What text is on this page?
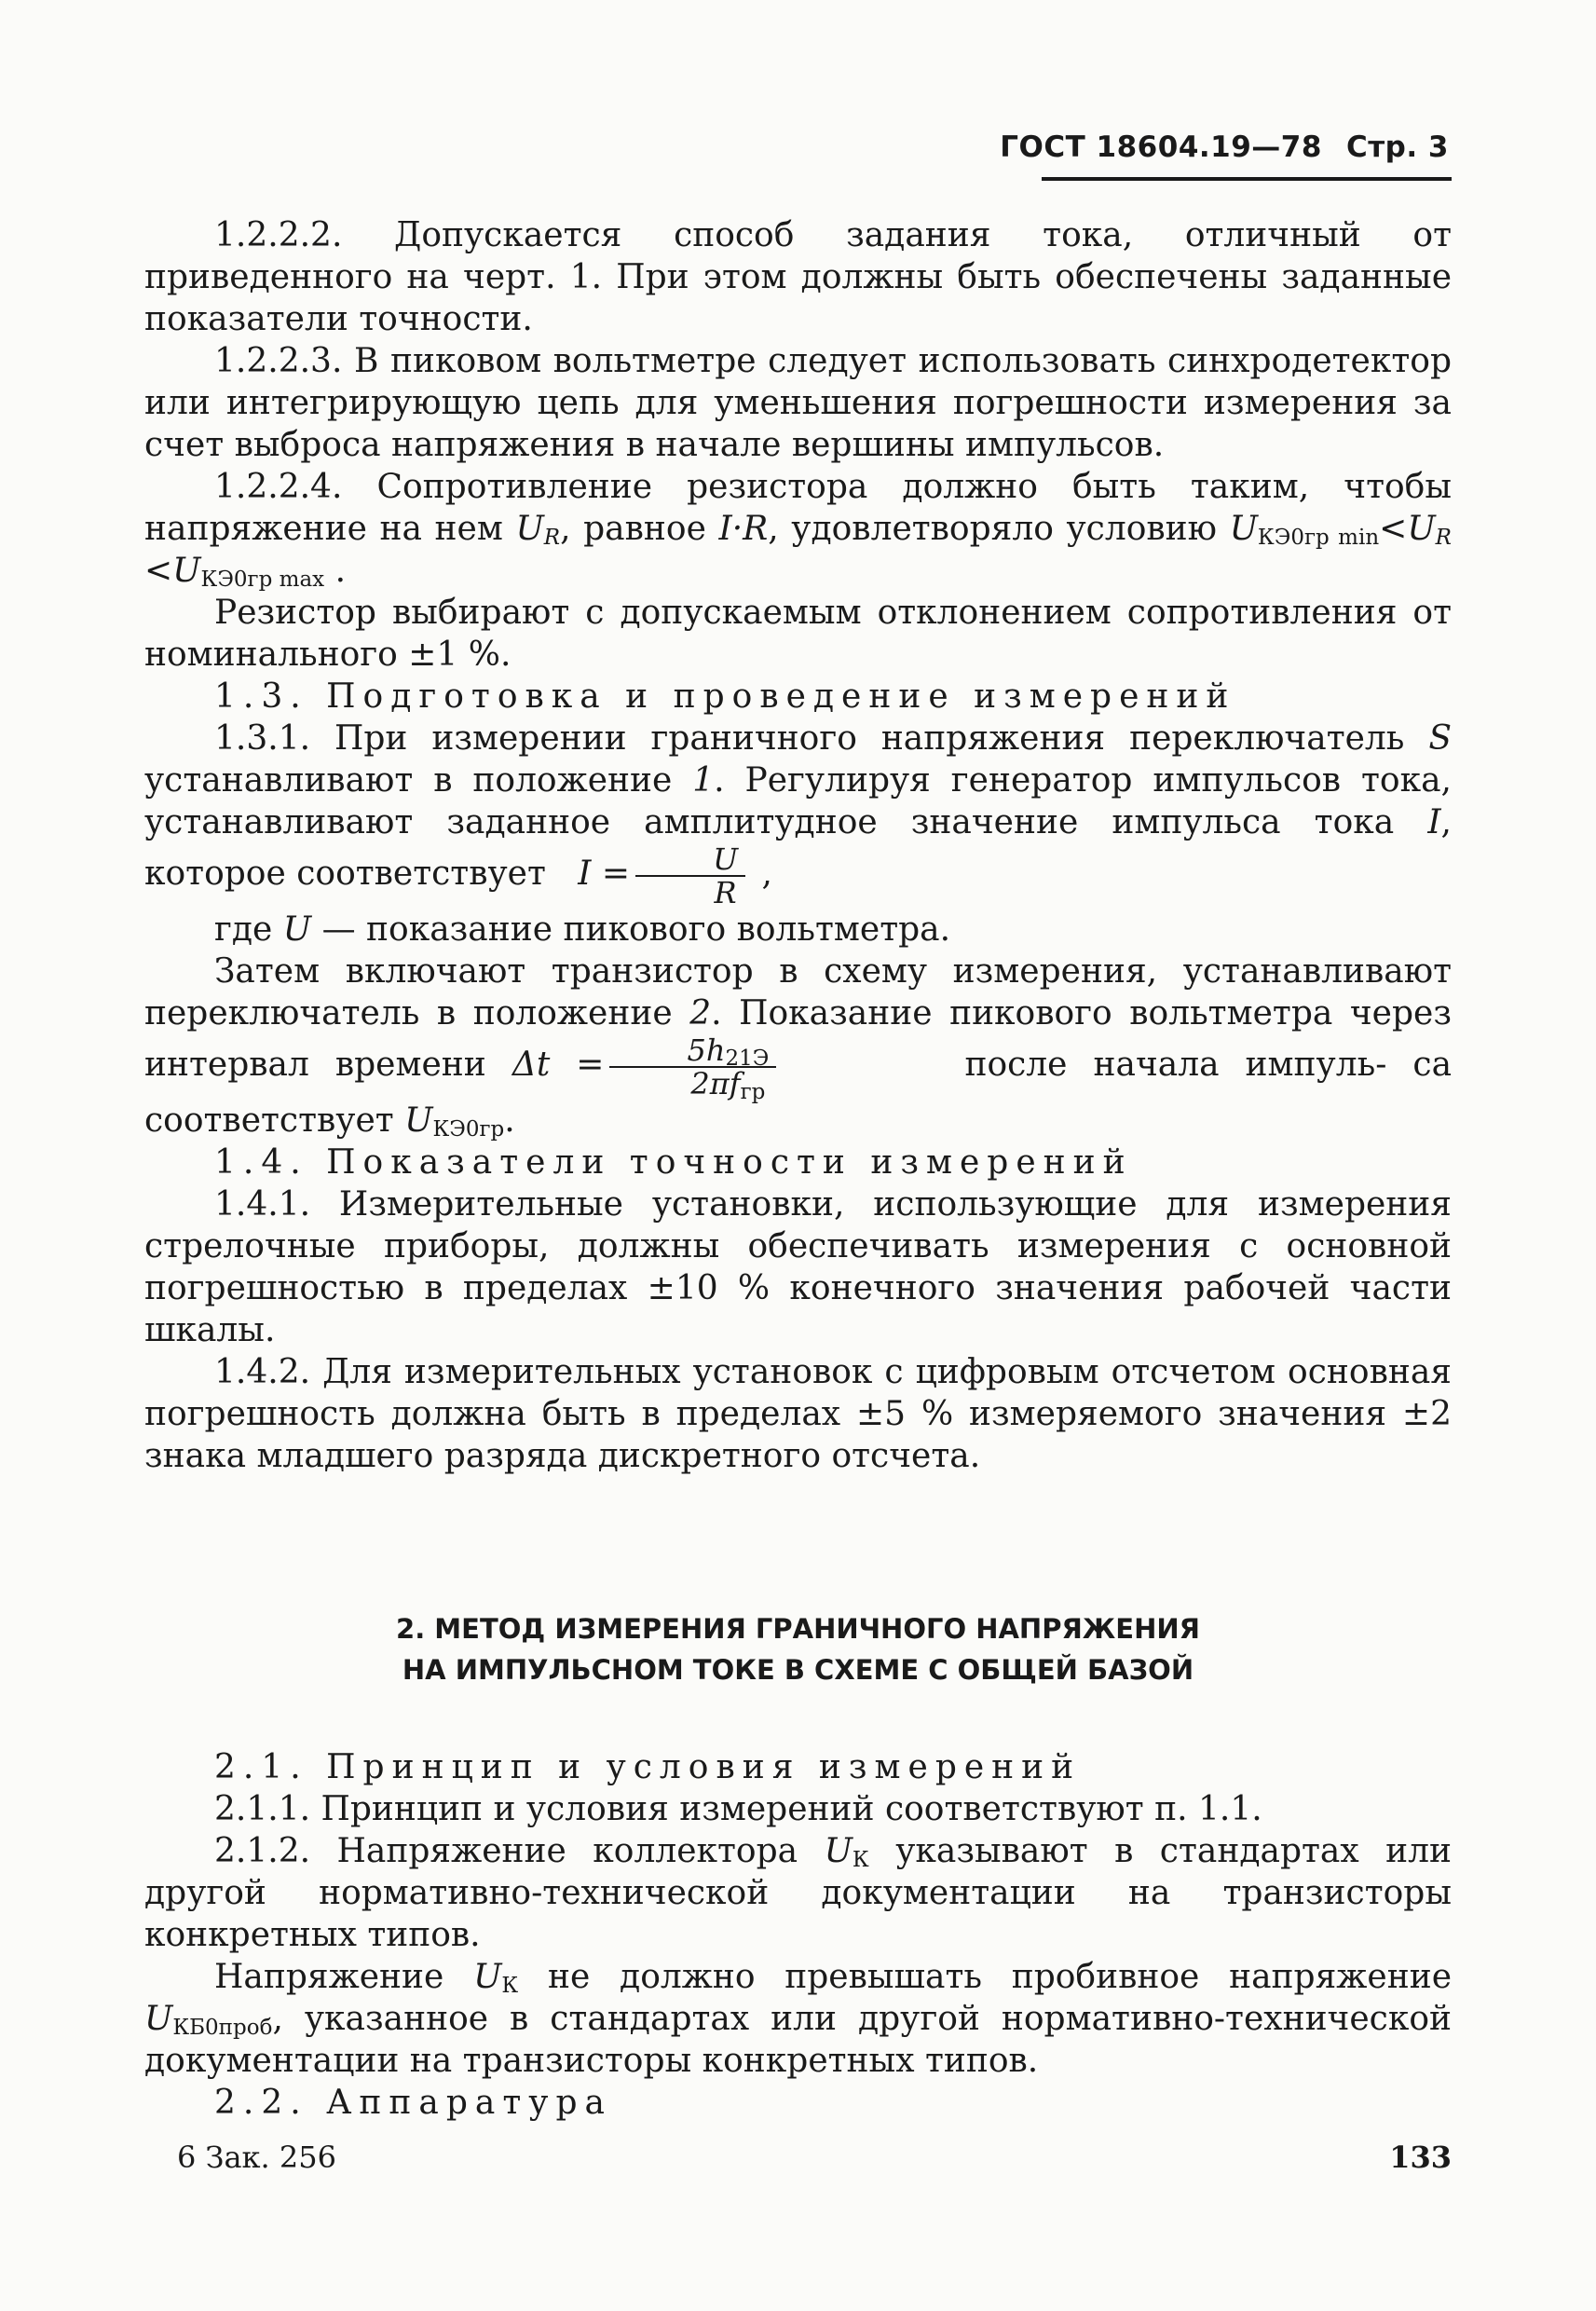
ГОСТ 18604.19—78 Стр. 3

1.2.2.2. Допускается способ задания тока, отличный от приведенного на черт. 1. При этом должны быть обеспечены заданные показатели точности.

1.2.2.3. В пиковом вольтметре следует использовать синхродетектор или интегрирующую цепь для уменьшения погрешности измерения за счет выброса напряжения в начале вершины импульсов.

1.2.2.4. Сопротивление резистора должно быть таким, чтобы напряжение на нем $U_R$, равное I·R, удовлетворяло условию $U_{КЭ0гр min}<U_R <U_{КЭ0гр max}$ .

Резистор выбирают с допускаемым отклонением сопротивления от номинального ±1 %.

1.3. Подготовка и проведение измерений

1.3.1. При измерении граничного напряжения переключатель S устанавливают в положение 1. Регулируя генератор импульсов тока, устанавливают заданное амплитудное значение импульса тока I, которое соответствует $I = \frac{U}{R}$ ,

где U — показание пикового вольтметра.

Затем включают транзистор в схему измерения, устанавливают переключатель в положение 2. Показание пикового вольтметра через интервал времени $\Delta t = \frac{5h_{21Э}}{2\pi f_{гр}}$	после начала импуль- са соответствует $U_{КЭ0гр}$.

1.4. Показатели точности измерений

1.4.1. Измерительные установки, использующие для измерения стрелочные приборы, должны обеспечивать измерения с основной погрешностью в пределах ±10 % конечного значения рабочей части шкалы.

1.4.2. Для измерительных установок с цифровым отсчетом основная погрешность должна быть в пределах ±5 % измеряемого значения ±2 знака младшего разряда дискретного отсчета.

2. МЕТОД ИЗМЕРЕНИЯ ГРАНИЧНОГО НАПРЯЖЕНИЯ
НА ИМПУЛЬСНОМ ТОКЕ В СХЕМЕ С ОБЩЕЙ БАЗОЙ

2.1. Принцип и условия измерений

2.1.1. Принцип и условия измерений соответствуют п. 1.1.

2.1.2. Напряжение коллектора $U_К$ указывают в стандартах или другой нормативно-технической документации на транзисторы конкретных типов.

Напряжение $U_К$ не должно превышать пробивное напряжение $U_{КБ0проб}$, указанное в стандартах или другой нормативно-технической документации на транзисторы конкретных типов.

2.2. Аппаратура

6 Зак. 256	133
